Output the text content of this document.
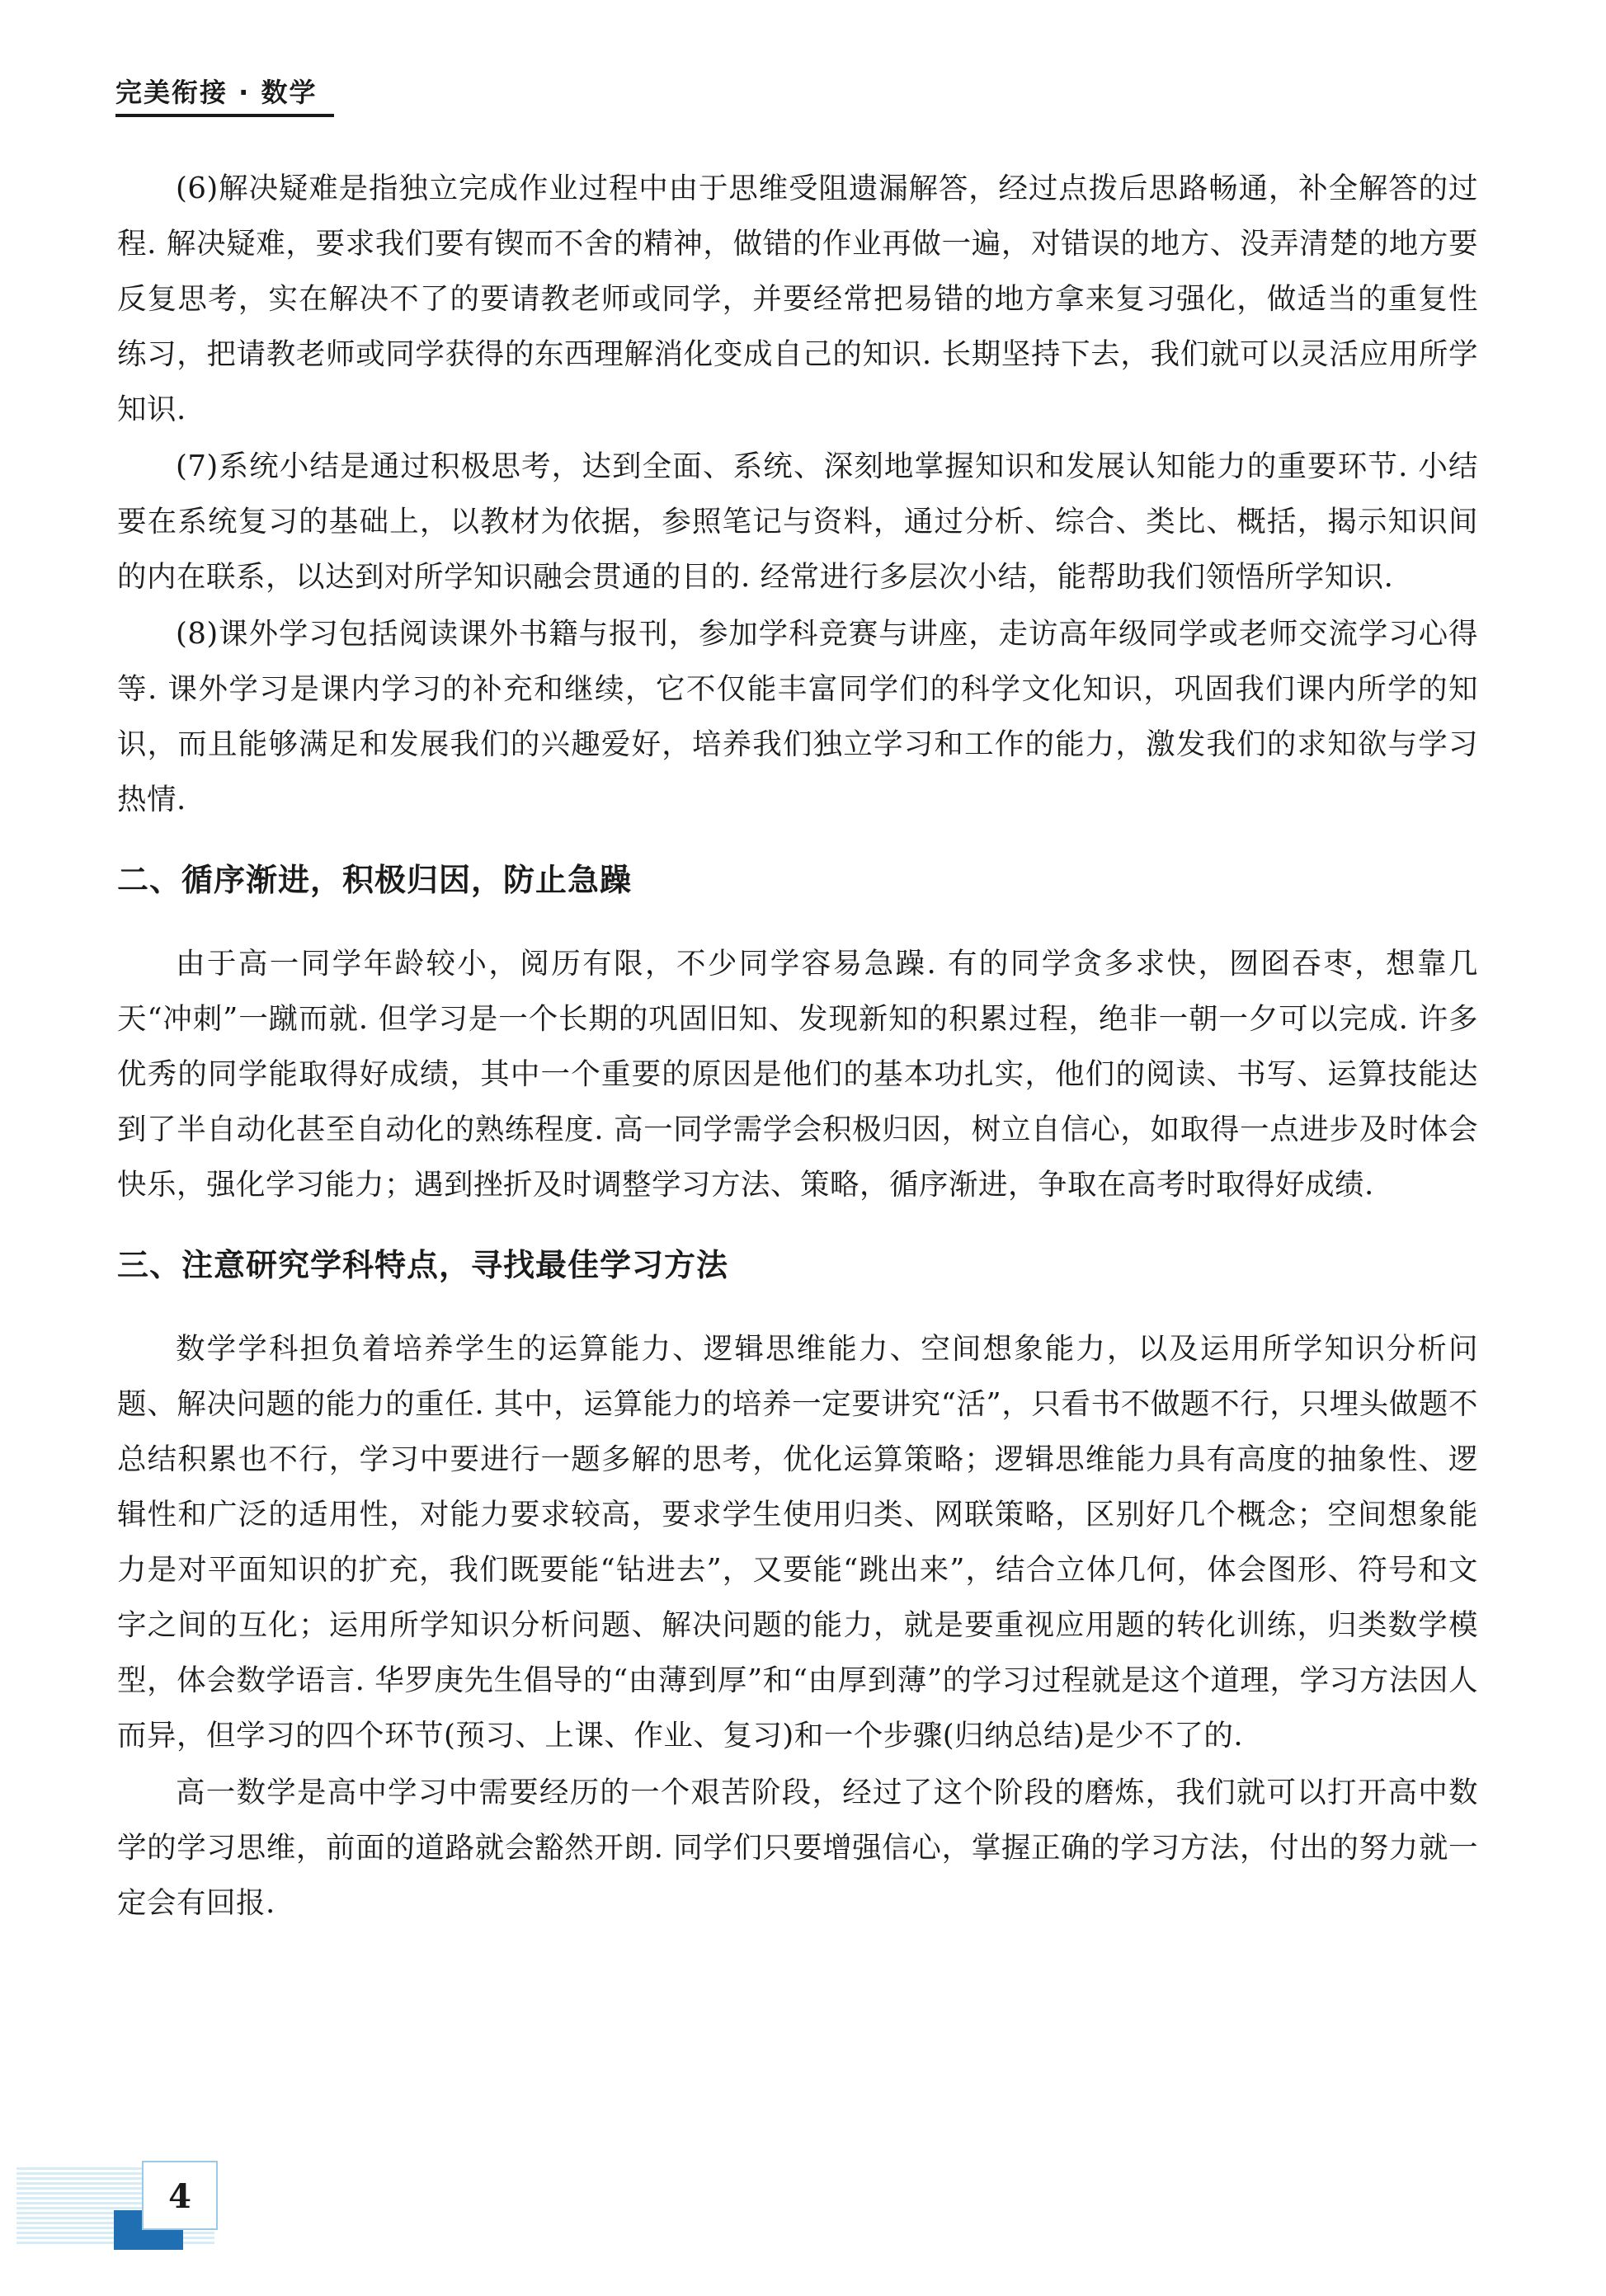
完美衔接 · 数学

(6)解决疑难是指独立完成作业过程中由于思维受阻遗漏解答，经过点拨后思路畅通，补全解答的过程. 解决疑难，要求我们要有锲而不舍的精神，做错的作业再做一遍，对错误的地方、没弄清楚的地方要反复思考，实在解决不了的要请教老师或同学，并要经常把易错的地方拿来复习强化，做适当的重复性练习，把请教老师或同学获得的东西理解消化变成自己的知识. 长期坚持下去，我们就可以灵活应用所学知识.

(7)系统小结是通过积极思考，达到全面、系统、深刻地掌握知识和发展认知能力的重要环节. 小结要在系统复习的基础上，以教材为依据，参照笔记与资料，通过分析、综合、类比、概括，揭示知识间的内在联系，以达到对所学知识融会贯通的目的. 经常进行多层次小结，能帮助我们领悟所学知识.

(8)课外学习包括阅读课外书籍与报刊，参加学科竞赛与讲座，走访高年级同学或老师交流学习心得等. 课外学习是课内学习的补充和继续，它不仅能丰富同学们的科学文化知识，巩固我们课内所学的知识，而且能够满足和发展我们的兴趣爱好，培养我们独立学习和工作的能力，激发我们的求知欲与学习热情.

二、循序渐进，积极归因，防止急躁

由于高一同学年龄较小，阅历有限，不少同学容易急躁. 有的同学贪多求快，囫囵吞枣，想靠几天“冲刺”一蹴而就. 但学习是一个长期的巩固旧知、发现新知的积累过程，绝非一朝一夕可以完成. 许多优秀的同学能取得好成绩，其中一个重要的原因是他们的基本功扎实，他们的阅读、书写、运算技能达到了半自动化甚至自动化的熟练程度. 高一同学需学会积极归因，树立自信心，如取得一点进步及时体会快乐，强化学习能力；遇到挫折及时调整学习方法、策略，循序渐进，争取在高考时取得好成绩.

三、注意研究学科特点，寻找最佳学习方法

数学学科担负着培养学生的运算能力、逻辑思维能力、空间想象能力，以及运用所学知识分析问题、解决问题的能力的重任. 其中，运算能力的培养一定要讲究“活”，只看书不做题不行，只埋头做题不总结积累也不行，学习中要进行一题多解的思考，优化运算策略；逻辑思维能力具有高度的抽象性、逻辑性和广泛的适用性，对能力要求较高，要求学生使用归类、网联策略，区别好几个概念；空间想象能力是对平面知识的扩充，我们既要能“钻进去”，又要能“跳出来”，结合立体几何，体会图形、符号和文字之间的互化；运用所学知识分析问题、解决问题的能力，就是要重视应用题的转化训练，归类数学模型，体会数学语言. 华罗庚先生倡导的“由薄到厚”和“由厚到薄”的学习过程就是这个道理，学习方法因人而异，但学习的四个环节(预习、上课、作业、复习)和一个步骤(归纳总结)是少不了的.

高一数学是高中学习中需要经历的一个艰苦阶段，经过了这个阶段的磨炼，我们就可以打开高中数学的学习思维，前面的道路就会豁然开朗. 同学们只要增强信心，掌握正确的学习方法，付出的努力就一定会有回报.

4
